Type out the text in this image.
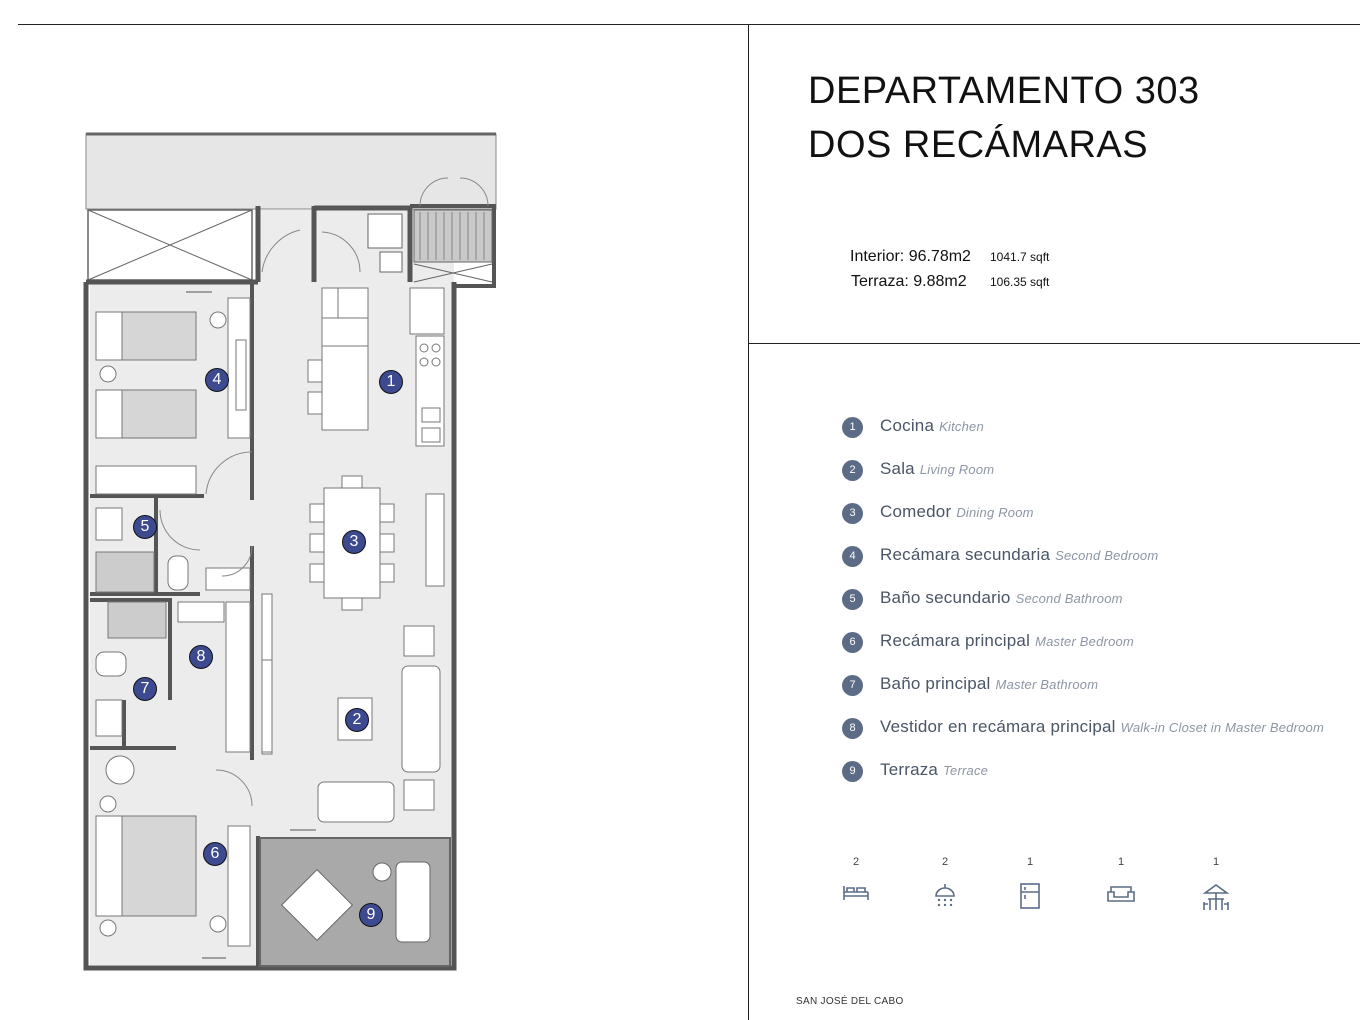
1
2
3
4
5
6
7
8
9
DEPARTAMENTO 303
DOS RECÁMARAS
Interior: 96.78m2 1041.7 sqft
Terraza: 9.88m2 106.35 sqft
1	Cocina Kitchen
2	Sala Living Room
3	Comedor Dining Room
4	Recámara secundaria Second Bedroom
5	Baño secundario Second Bathroom
6	Recámara principal Master Bedroom
7	Baño principal Master Bathroom
8	Vestidor en recámara principal Walk-in Closet in Master Bedroom
9	Terraza Terrace
2	2	1	1	1
SAN JOSÉ DEL CABO
